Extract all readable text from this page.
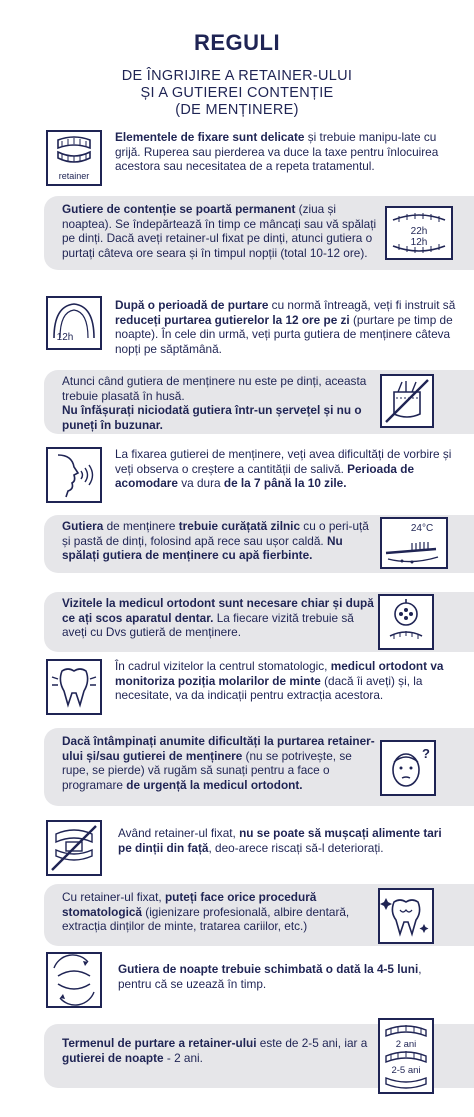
REGULI
DE ÎNGRIJIRE A RETAINER-ULUI
ȘI A GUTIEREI CONTENȚIE
(DE MENȚINERE)
retainer
Elementele de fixare sunt delicate și trebuie manipu-late cu grijă. Ruperea sau pierderea va duce la taxe pentru înlocuirea acestora sau necesitatea de a repeta tratamentul.
Gutiere de contenție se poartă permanent (ziua și noaptea). Se îndepărtează în timp ce mâncați sau vă spălați pe dinți. Dacă aveți retainer-ul fixat pe dinți, atunci gutiera o purtați câteva ore seara și în timpul nopții (total 10-12 ore).
22h
12h
12h
După o perioadă de purtare cu normă întreagă, veți fi instruit să reduceți purtarea gutierelor la 12 ore pe zi (purtare pe timp de noapte). În cele din urmă, veți purta gutiera de menținere câteva nopți pe săptămână.
Atunci când gutiera de menținere nu este pe dinți, aceasta trebuie plasată în husă.
Nu înfășurați niciodată gutiera într-un șervețel și nu o puneți în buzunar.
La fixarea gutierei de menținere, veți avea dificultăți de vorbire și veți observa o creștere a cantității de salivă. Perioada de acomodare va dura de la 7 până la 10 zile.
Gutiera de menținere trebuie curățată zilnic cu o peri-uță și pastă de dinți, folosind apă rece sau ușor caldă. Nu spălați gutiera de menținere cu apă fierbinte.
24°C
Vizitele la medicul ortodont sunt necesare chiar și după ce ați scos aparatul dentar. La fiecare vizită trebuie să aveți cu Dvs gutieră de menținere.
În cadrul vizitelor la centrul stomatologic, medicul ortodont va monitoriza poziția molarilor de minte (dacă îi aveți) și, la necesitate, va da indicații pentru extracția acestora.
Dacă întâmpinați anumite dificultăți la purtarea retainer-ului și/sau gutierei de menținere (nu se potrivește, se rupe, se pierde) vă rugăm să sunați pentru a face o programare de urgență la medicul ortodont.
?
Având retainer-ul fixat, nu se poate să mușcați alimente tari pe dinții din față, deo-arece riscați să-l deteriorați.
Cu retainer-ul fixat, puteți face orice procedură stomatologică (igienizare profesională, albire dentară, extracția dinților de minte, tratarea cariilor, etc.)
Gutiera de noapte trebuie schimbată o dată la 4-5 luni, pentru că se uzează în timp.
Termenul de purtare a retainer-ului este de 2-5 ani, iar a gutierei de noapte - 2 ani.
2 ani
2-5 ani
